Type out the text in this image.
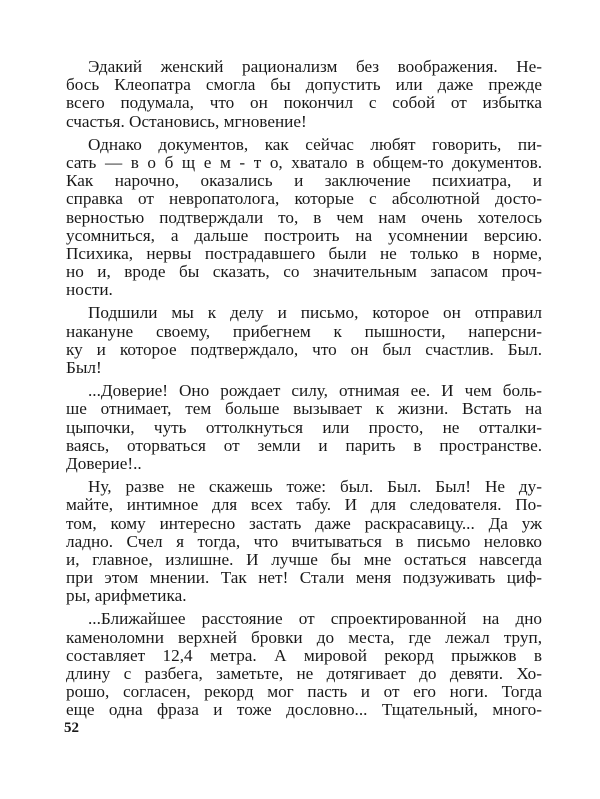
Эдакий женский рационализм без воображения. Не-
бось Клеопатра смогла бы допустить или даже прежде
всего подумала, что он покончил с собой от избытка
счастья. Остановись, мгновение!
Однако документов, как сейчас любят говорить, пи-
сать — в о б щ е м - т о, хватало в общем-то документов.
Как нарочно, оказались и заключение психиатра, и
справка от невропатолога, которые с абсолютной досто-
верностью подтверждали то, в чем нам очень хотелось
усомниться, а дальше построить на усомнении версию.
Психика, нервы пострадавшего были не только в норме,
но и, вроде бы сказать, со значительным запасом проч-
ности.
Подшили мы к делу и письмо, которое он отправил
накануне своему, прибегнем к пышности, наперсни-
ку и которое подтверждало, что он был счастлив. Был.
Был!
...Доверие! Оно рождает силу, отнимая ее. И чем боль-
ше отнимает, тем больше вызывает к жизни. Встать на
цыпочки, чуть оттолкнуться или просто, не отталки-
ваясь, оторваться от земли и парить в пространстве.
Доверие!..
Ну, разве не скажешь тоже: был. Был. Был! Не ду-
майте, интимное для всех табу. И для следователя. По-
том, кому интересно застать даже раскрасавицу... Да уж
ладно. Счел я тогда, что вчитываться в письмо неловко
и, главное, излишне. И лучше бы мне остаться навсегда
при этом мнении. Так нет! Стали меня подзуживать циф-
ры, арифметика.
...Ближайшее расстояние от спроектированной на дно
каменоломни верхней бровки до места, где лежал труп,
составляет 12,4 метра. А мировой рекорд прыжков в
длину с разбега, заметьте, не дотягивает до девяти. Хо-
рошо, согласен, рекорд мог пасть и от его ноги. Тогда
еще одна фраза и тоже дословно... Тщательный, много-
52
